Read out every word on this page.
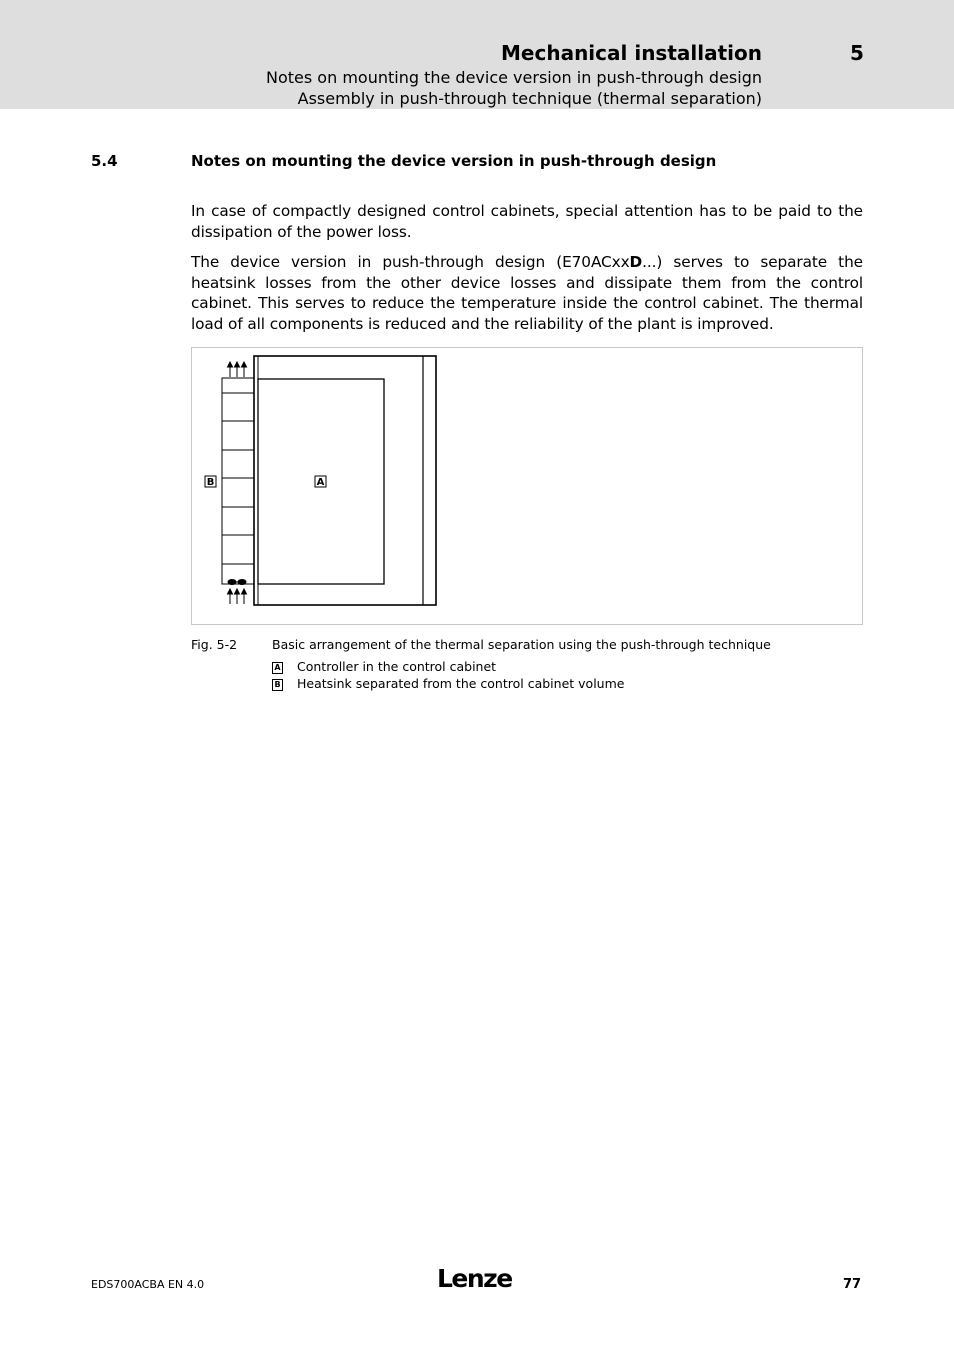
Mechanical installation	5
Notes on mounting the device version in push-through design
Assembly in push-through technique (thermal separation)
5.4	Notes on mounting the device version in push-through design
In case of compactly designed control cabinets, special attention has to be paid to the dissipation of the power loss.
The device version in push-through design (E70ACxxD...) serves to separate the heatsink losses from the other device losses and dissipate them from the control cabinet. This serves to reduce the temperature inside the control cabinet. The thermal load of all components is reduced and the reliability of the plant is improved.
B	A
Fig. 5-2	Basic arrangement of the thermal separation using the push-through technique
A Controller in the control cabinet
B Heatsink separated from the control cabinet volume
EDS700ACBA EN 4.0	Lenze	77
